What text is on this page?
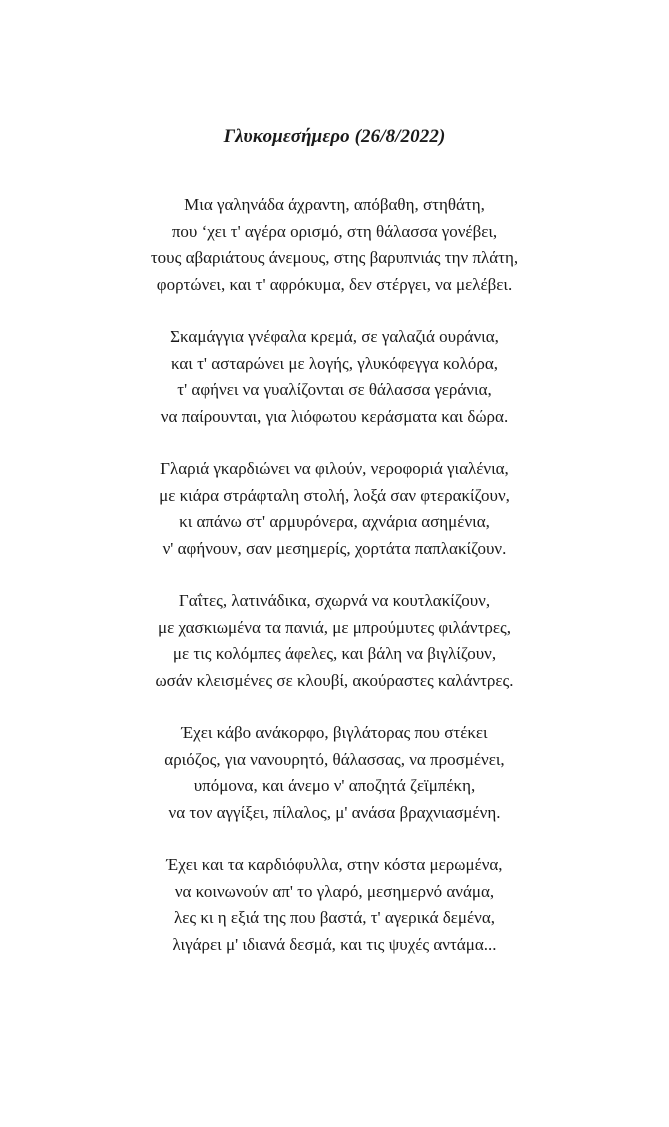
Γλυκομεσήμερο (26/8/2022)
Μια γαληνάδα άχραντη, απόβαθη, στηθάτη,
που ‘χει τ' αγέρα ορισμό, στη θάλασσα γονέβει,
τους αβαριάτους άνεμους, στης βαρυπνιάς την πλάτη,
φορτώνει, και τ' αφρόκυμα, δεν στέργει, να μελέβει.
Σκαμάγγια γνέφαλα κρεμά, σε γαλαζιά ουράνια,
και τ' ασταρώνει με λογής, γλυκόφεγγα κολόρα,
τ' αφήνει να γυαλίζονται σε θάλασσα γεράνια,
να παίρουνται, για λιόφωτου κεράσματα και δώρα.
Γλαριά γκαρδιώνει να φιλούν, νεροφοριά γιαλένια,
με κιάρα στράφταλη στολή, λοξά σαν φτερακίζουν,
κι απάνω στ' αρμυρόνερα, αχνάρια ασημένια,
ν' αφήνουν, σαν μεσημερίς, χορτάτα παπλακίζουν.
Γαΐτες, λατινάδικα, σχωρνά να κουτλακίζουν,
με χασκιωμένα τα πανιά, με μπρούμυτες φιλάντρες,
με τις κολόμπες άφελες, και βάλη να βιγλίζουν,
ωσάν κλεισμένες σε κλουβί, ακούραστες καλάντρες.
Έχει κάβο ανάκορφο, βιγλάτορας που στέκει
αριόζος, για νανουρητό, θάλασσας, να προσμένει,
υπόμονα, και άνεμο ν' αποζητά ζεϊμπέκη,
να τον αγγίξει, πίλαλος, μ' ανάσα βραχνιασμένη.
Έχει και τα καρδιόφυλλα, στην κόστα μερωμένα,
να κοινωνούν απ' το γλαρό, μεσημερνό ανάμα,
λες κι η εξιά της που βαστά, τ' αγερικά δεμένα,
λιγάρει μ' ιδιανά δεσμά, και τις ψυχές αντάμα...
